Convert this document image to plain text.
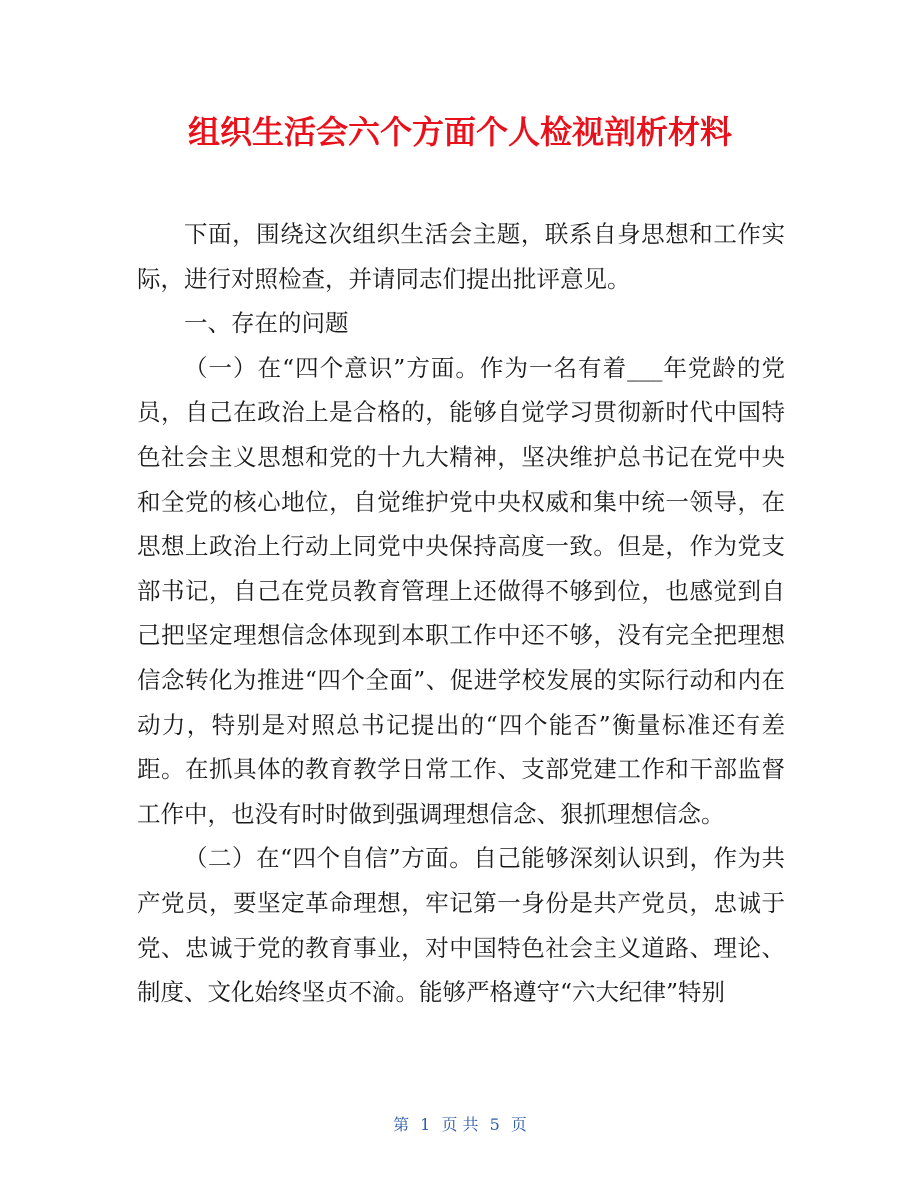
组织生活会六个方面个人检视剖析材料

下面，围绕这次组织生活会主题，联系自身思想和工作实际，进行对照检查，并请同志们提出批评意见。

一、存在的问题

（一）在“四个意识”方面。作为一名有着___年党龄的党员，自己在政治上是合格的，能够自觉学习贯彻新时代中国特色社会主义思想和党的十九大精神，坚决维护总书记在党中央和全党的核心地位，自觉维护党中央权威和集中统一领导，在思想上政治上行动上同党中央保持高度一致。但是，作为党支部书记，自己在党员教育管理上还做得不够到位，也感觉到自己把坚定理想信念体现到本职工作中还不够，没有完全把理想信念转化为推进“四个全面”、促进学校发展的实际行动和内在动力，特别是对照总书记提出的“四个能否”衡量标准还有差距。在抓具体的教育教学日常工作、支部党建工作和干部监督工作中，也没有时时做到强调理想信念、狠抓理想信念。

（二）在“四个自信”方面。自己能够深刻认识到，作为共产党员，要坚定革命理想，牢记第一身份是共产党员，忠诚于党、忠诚于党的教育事业，对中国特色社会主义道路、理论、制度、文化始终坚贞不渝。能够严格遵守“六大纪律”特别

第 1 页 共 5 页
